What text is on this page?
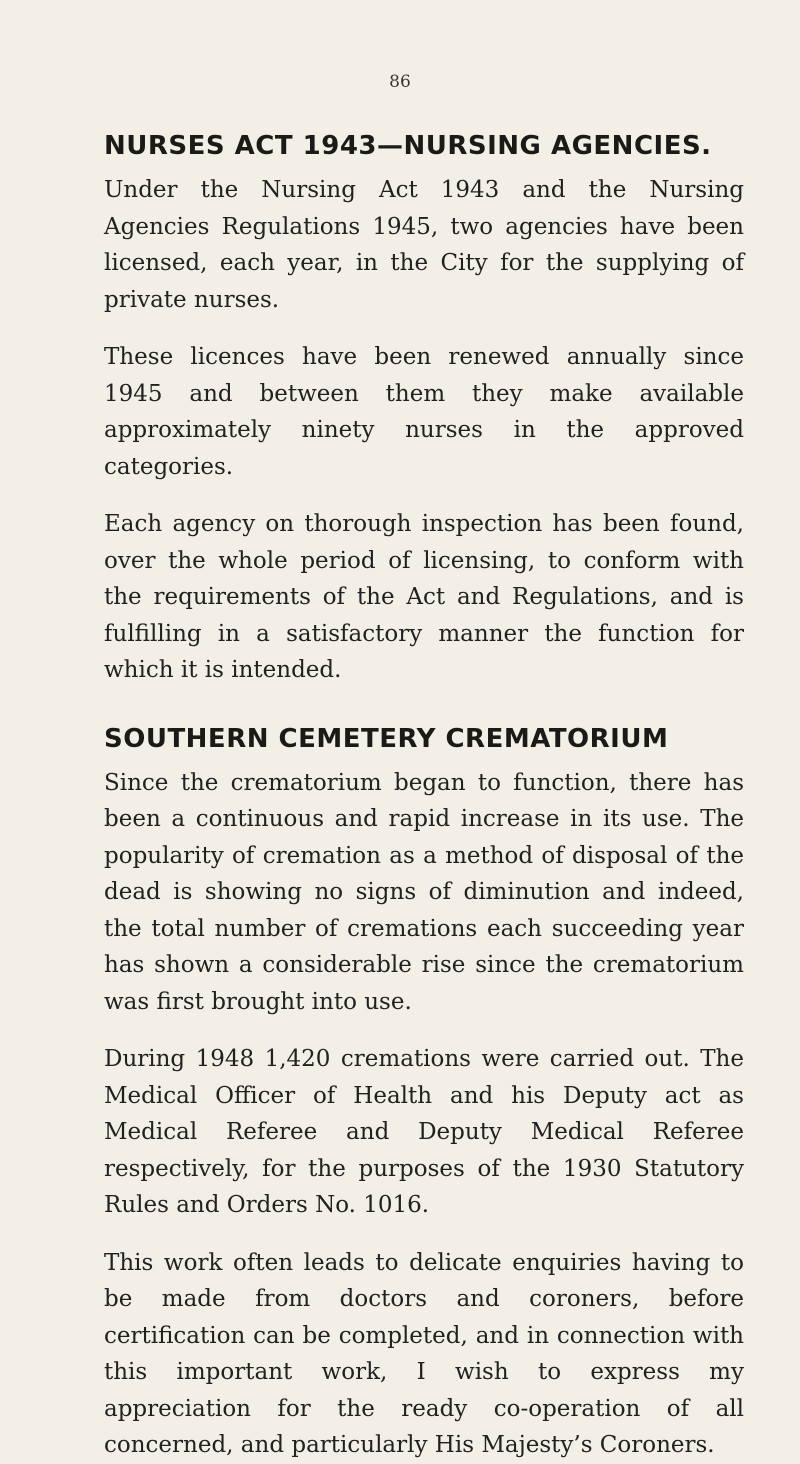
86
NURSES ACT 1943—NURSING AGENCIES.

Under the Nursing Act 1943 and the Nursing Agencies Regulations 1945, two agencies have been licensed, each year, in the City for the supplying of private nurses.

These licences have been renewed annually since 1945 and between them they make available approximately ninety nurses in the approved categories.

Each agency on thorough inspection has been found, over the whole period of licensing, to conform with the requirements of the Act and Regulations, and is fulfilling in a satisfactory manner the function for which it is intended.

SOUTHERN CEMETERY CREMATORIUM

Since the crematorium began to function, there has been a continuous and rapid increase in its use. The popularity of cremation as a method of disposal of the dead is showing no signs of diminution and indeed, the total number of cremations each succeeding year has shown a considerable rise since the crematorium was first brought into use.

During 1948 1,420 cremations were carried out. The Medical Officer of Health and his Deputy act as Medical Referee and Deputy Medical Referee respectively, for the purposes of the 1930 Statutory Rules and Orders No. 1016.

This work often leads to delicate enquiries having to be made from doctors and coroners, before certification can be completed, and in connection with this important work, I wish to express my appreciation for the ready co-operation of all concerned, and particularly His Majesty’s Coroners.
